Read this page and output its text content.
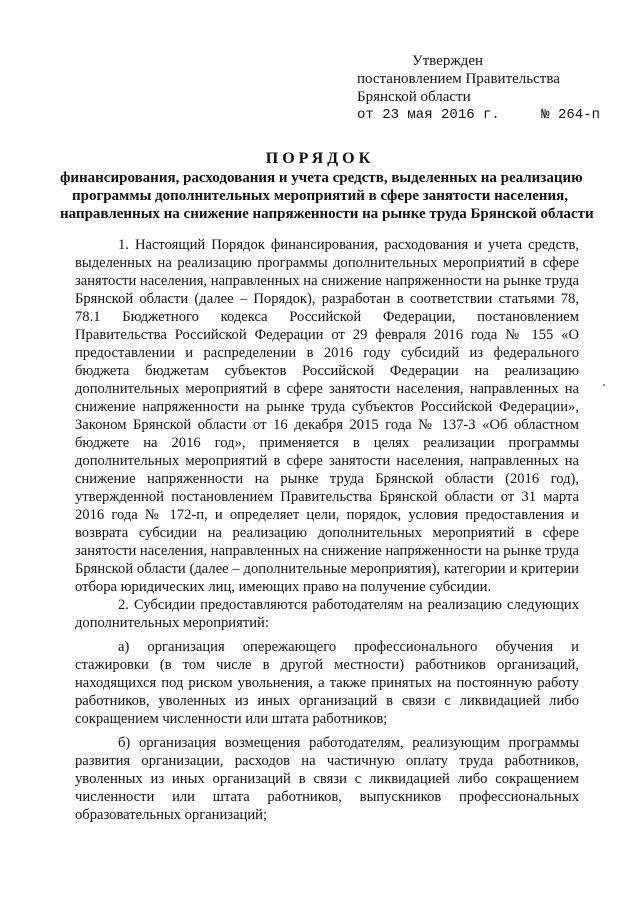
Утвержден
постановлением Правительства
Брянской области
от 23 мая 2016 г.	№ 264-п
ПОРЯДОК
финансирования, расходования и учета средств, выделенных на реализацию
программы дополнительных мероприятий в сфере занятости населения,
направленных на снижение напряженности на рынке труда Брянской области

1. Настоящий Порядок финансирования, расходования и учета средств, выделенных на реализацию программы дополнительных мероприятий в сфере занятости населения, направленных на снижение напряженности на рынке труда Брянской области (далее – Порядок), разработан в соответствии статьями 78, 78.1 Бюджетного кодекса Российской Федерации, постановлением Правительства Российской Федерации от 29 февраля 2016 года № 155 «О предоставлении и распределении в 2016 году субсидий из федерального бюджета бюджетам субъектов Российской Федерации на реализацию дополнительных мероприятий в сфере занятости населения, направленных на снижение напряженности на рынке труда субъектов Российской Федерации», Законом Брянской области от 16 декабря 2015 года № 137-З «Об областном бюджете на 2016 год», применяется в целях реализации программы дополнительных мероприятий в сфере занятости населения, направленных на снижение напряженности на рынке труда Брянской области (2016 год), утвержденной постановлением Правительства Брянской области от 31 марта 2016 года № 172-п, и определяет цели, порядок, условия предоставления и возврата субсидии на реализацию дополнительных мероприятий в сфере занятости населения, направленных на снижение напряженности на рынке труда Брянской области (далее – дополнительные мероприятия), категории и критерии отбора юридических лиц, имеющих право на получение субсидии.

2. Субсидии предоставляются работодателям на реализацию следующих дополнительных мероприятий:

а) организация опережающего профессионального обучения и стажировки (в том числе в другой местности) работников организаций, находящихся под риском увольнения, а также принятых на постоянную работу работников, уволенных из иных организаций в связи с ликвидацией либо сокращением численности или штата работников;

б) организация возмещения работодателям, реализующим программы развития организации, расходов на частичную оплату труда работников, уволенных из иных организаций в связи с ликвидацией либо сокращением численности или штата работников, выпускников профессиональных образовательных организаций;
